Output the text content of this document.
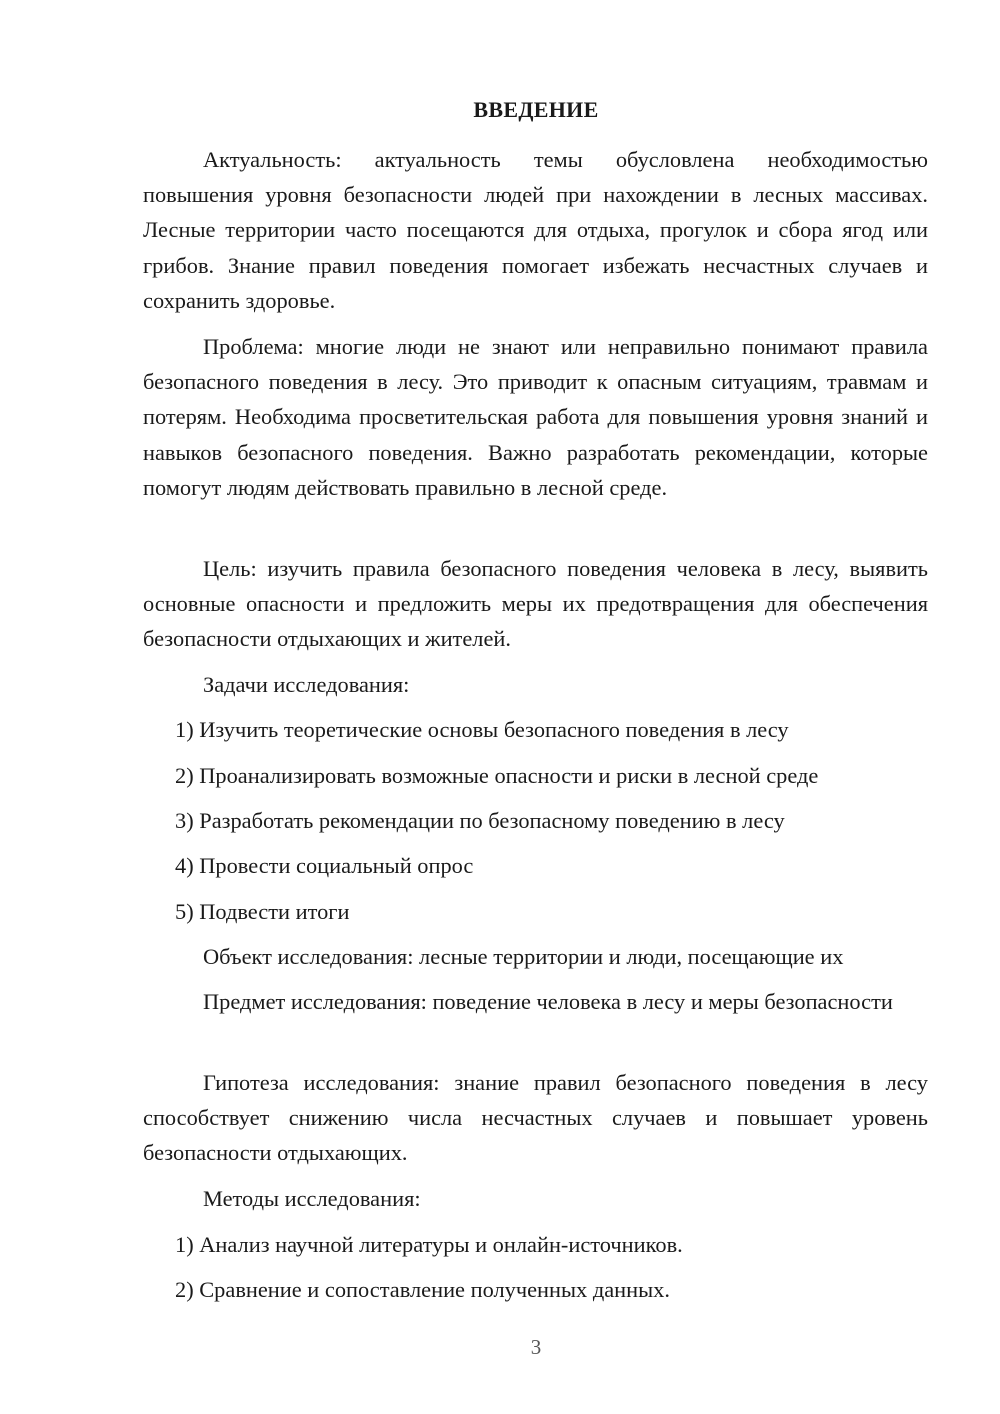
ВВЕДЕНИЕ

Актуальность: актуальность темы обусловлена необходимостью повышения уровня безопасности людей при нахождении в лесных массивах. Лесные территории часто посещаются для отдыха, прогулок и сбора ягод или грибов. Знание правил поведения помогает избежать несчастных случаев и сохранить здоровье.

Проблема: многие люди не знают или неправильно понимают правила безопасного поведения в лесу. Это приводит к опасным ситуациям, травмам и потерям. Необходима просветительская работа для повышения уровня знаний и навыков безопасного поведения. Важно разработать рекомендации, которые помогут людям действовать правильно в лесной среде.

Цель: изучить правила безопасного поведения человека в лесу, выявить основные опасности и предложить меры их предотвращения для обеспечения безопасности отдыхающих и жителей.

Задачи исследования:

1) Изучить теоретические основы безопасного поведения в лесу

2) Проанализировать возможные опасности и риски в лесной среде

3) Разработать рекомендации по безопасному поведению в лесу

4) Провести социальный опрос

5) Подвести итоги

Объект исследования: лесные территории и люди, посещающие их

Предмет исследования: поведение человека в лесу и меры безопасности

Гипотеза исследования: знание правил безопасного поведения в лесу способствует снижению числа несчастных случаев и повышает уровень безопасности отдыхающих.

Методы исследования:

1) Анализ научной литературы и онлайн-источников.

2) Сравнение и сопоставление полученных данных.

3
